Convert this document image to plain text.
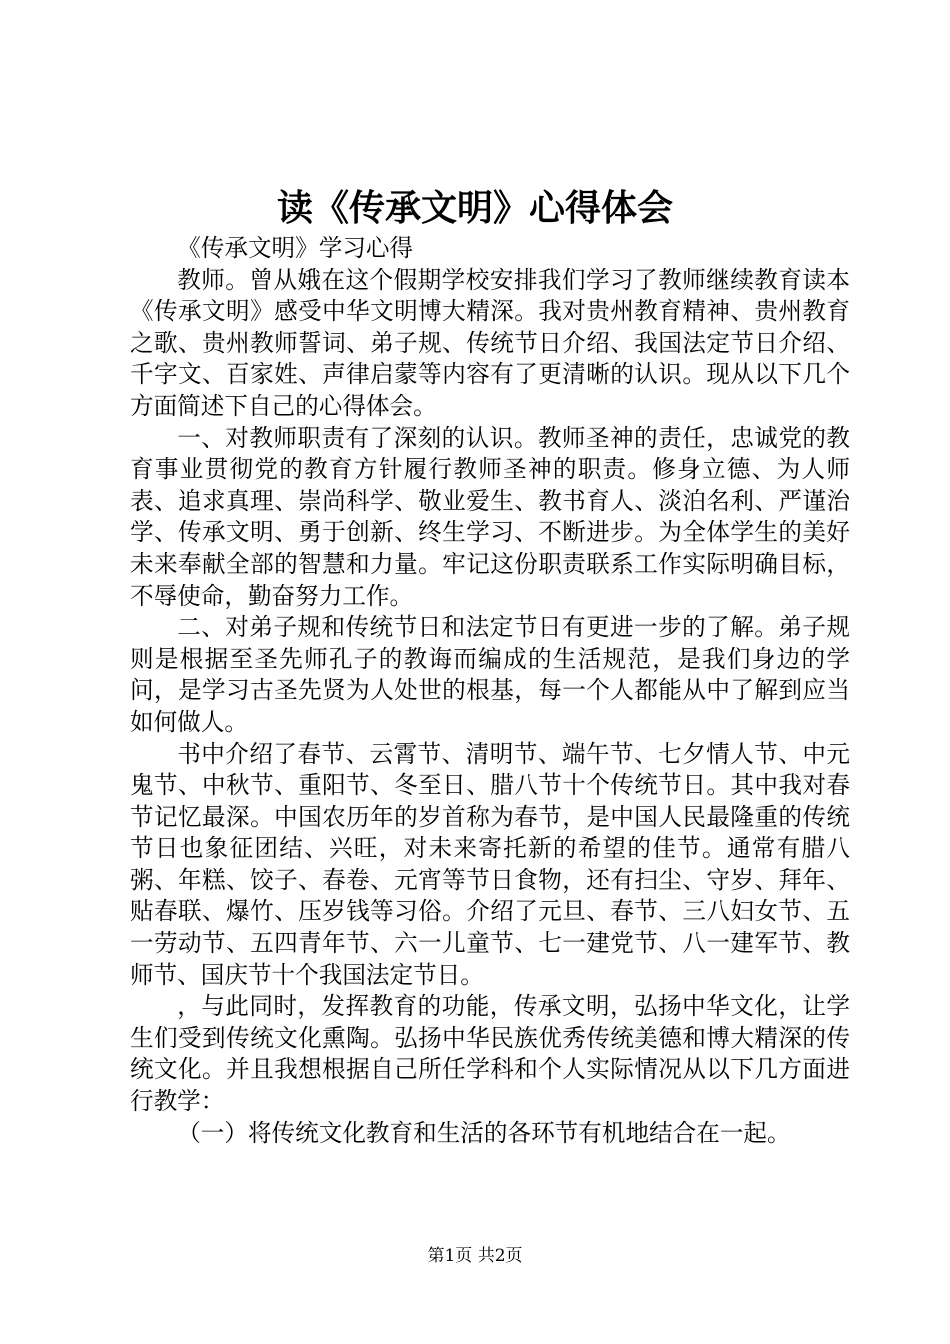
读《传承文明》心得体会

《传承文明》学习心得

教师。曾从娥在这个假期学校安排我们学习了教师继续教育读本《传承文明》感受中华文明博大精深。我对贵州教育精神、贵州教育之歌、贵州教师誓词、弟子规、传统节日介绍、我国法定节日介绍、千字文、百家姓、声律启蒙等内容有了更清晰的认识。现从以下几个方面简述下自己的心得体会。

一、对教师职责有了深刻的认识。教师圣神的责任，忠诚党的教育事业贯彻党的教育方针履行教师圣神的职责。修身立德、为人师表、追求真理、崇尚科学、敬业爱生、教书育人、淡泊名利、严谨治学、传承文明、勇于创新、终生学习、不断进步。为全体学生的美好未来奉献全部的智慧和力量。牢记这份职责联系工作实际明确目标，不辱使命，勤奋努力工作。

二、对弟子规和传统节日和法定节日有更进一步的了解。弟子规则是根据至圣先师孔子的教诲而编成的生活规范，是我们身边的学问，是学习古圣先贤为人处世的根基，每一个人都能从中了解到应当如何做人。

书中介绍了春节、云霄节、清明节、端午节、七夕情人节、中元鬼节、中秋节、重阳节、冬至日、腊八节十个传统节日。其中我对春节记忆最深。中国农历年的岁首称为春节，是中国人民最隆重的传统节日也象征团结、兴旺，对未来寄托新的希望的佳节。通常有腊八粥、年糕、饺子、春卷、元宵等节日食物，还有扫尘、守岁、拜年、贴春联、爆竹、压岁钱等习俗。介绍了元旦、春节、三八妇女节、五一劳动节、五四青年节、六一儿童节、七一建党节、八一建军节、教师节、国庆节十个我国法定节日。

，与此同时，发挥教育的功能，传承文明，弘扬中华文化，让学生们受到传统文化熏陶。弘扬中华民族优秀传统美德和博大精深的传统文化。并且我想根据自己所任学科和个人实际情况从以下几方面进行教学：

（一）将传统文化教育和生活的各环节有机地结合在一起。

第1页 共2页
